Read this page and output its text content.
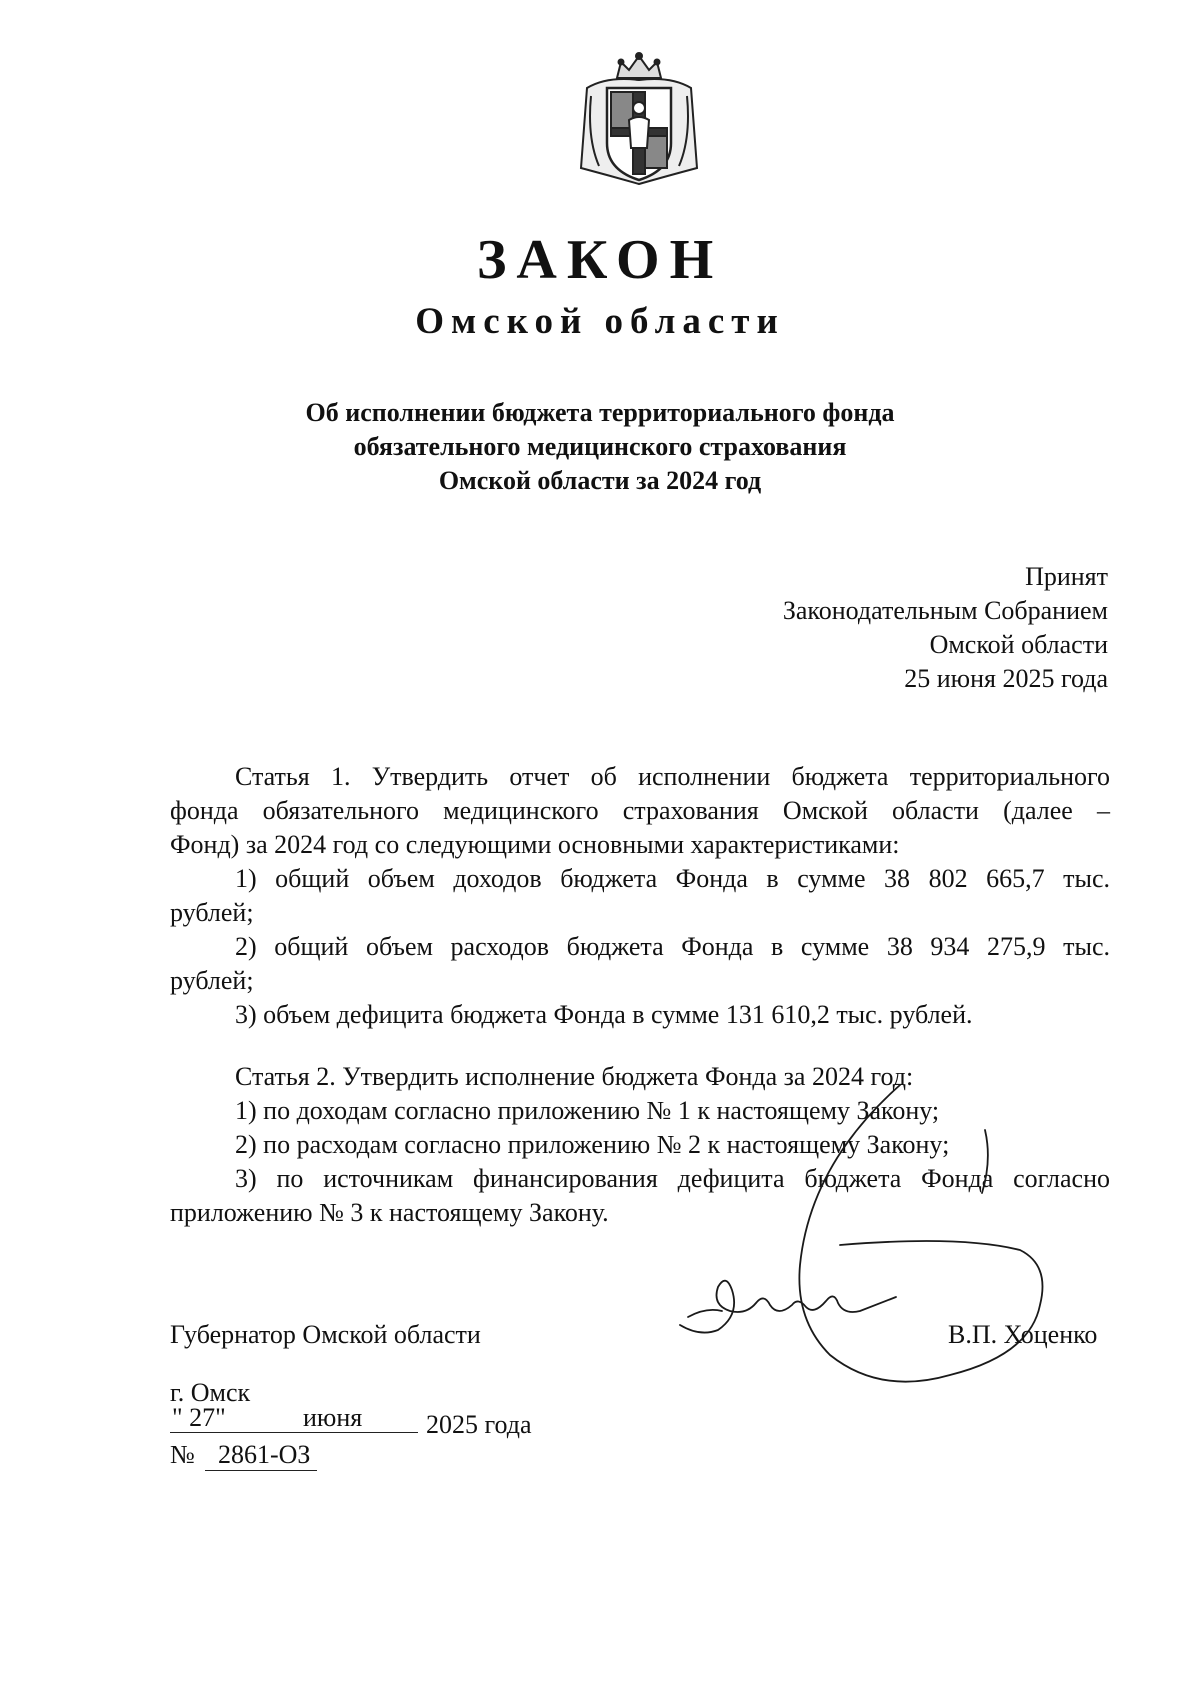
ЗАКОН
Омской области
Об исполнении бюджета территориального фонда
обязательного медицинского страхования
Омской области за 2024 год
Принят
Законодательным Собранием
Омской области
25 июня 2025 года
Статья 1. Утвердить отчет об исполнении бюджета территориального
фонда обязательного медицинского страхования Омской области (далее –
Фонд) за 2024 год со следующими основными характеристиками:
1) общий объем доходов бюджета Фонда в сумме 38 802 665,7 тыс.
рублей;
2) общий объем расходов бюджета Фонда в сумме 38 934 275,9 тыс.
рублей;
3) объем дефицита бюджета Фонда в сумме 131 610,2 тыс. рублей.
Статья 2. Утвердить исполнение бюджета Фонда за 2024 год:
1) по доходам согласно приложению № 1 к настоящему Закону;
2) по расходам согласно приложению № 2 к настоящему Закону;
3) по источникам финансирования дефицита бюджета Фонда согласно
приложению № 3 к настоящему Закону.
Губернатор Омской области	В.П. Хоценко
г. Омск
" 27"	июня 2025 года
№ 2861-ОЗ
